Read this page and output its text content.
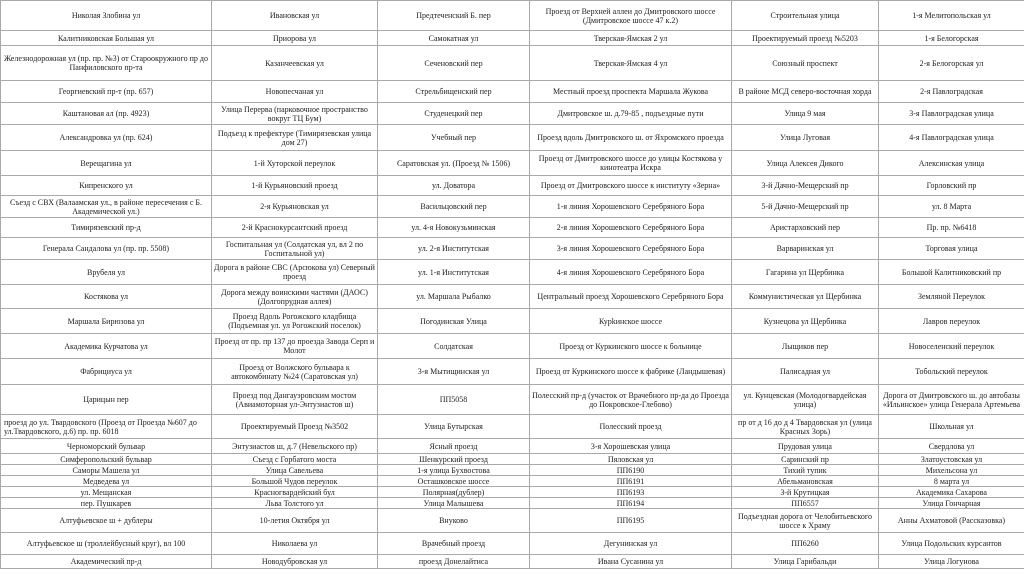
Николая Злобина ул	Ивановская ул	Предтеченский Б. пер	Проезд от Верхней аллеи до Дмитровского шоссе (Дмитровское шоссе 47 к.2)	Строительная улица	1-я Мелитопольская ул
Калитниковская Большая ул	Приорова ул	Самокатная ул	Тверская-Ямская 2 ул	Проектируемый проезд №5203	1-я Белогорская
Железнодорожная ул (пр. пр. №3) от Староокружного пр до Панфиловского пр-та	Казанчеевская ул	Сеченовский пер	Тверская-Ямская 4 ул	Союзный проспект	2-я Белогорская ул
Георгиевский пр-т (пр. 657)	Новопесчаная ул	Стрельбищенский пер	Местный проезд проспекта Маршала Жукова	В районе МСД северо-восточная хорда	2-я Павлоградская
Каштановая ал (пр. 4923)	Улица Перерва (парковочное пространство вокруг ТЦ Бум)	Студенецкий пер	Дмитровское ш. д.79-85 , подъездные пути	Улица 9 мая	3-я Павлоградская улица
Александровка ул (пр. 624)	Подъезд к префектуре (Тимирязевская улица дом 27)	Учебный пер	Проезд вдоль Дмитровского ш. от Яхромского проезда	Улица Луговая	4-я Павлоградская улица
Верещагина ул	1-й Хуторской переулок	Саратовская ул. (Проезд № 1506)	Проезд от Дмитровского шоссе до улицы Костякова у кинотеатра Искра	Улица Алексея Дикого	Алексинская улица
Кипренского ул	1-й Курьяновский проезд	ул. Доватора	Проезд от Дмитровского шоссе к институту «Зерна»	3-й Дачно-Мещерский пр	Горловский пр
Съезд с СВХ (Валаамская ул., в районе пересечения с Б. Академической ул.)	2-я Курьяновская ул	Васильцовский пер	1-я линия Хорошевского Серебряного Бора	5-й Дачно-Мещерский пр	ул. 8 Марта
Тимирязевский пр-д	2-й Краснокурсантский проезд	ул. 4-я Новокузьминская	2-я линия Хорошевского Серебряного Бора	Аристарховский пер	Пр. пр. №6418
Генерала Сандалова ул (пр. пр. 5508)	Госпитальная ул (Солдатская ул, вл 2 по Госпитальной ул)	ул. 2-я Институтская	3-я линия Хорошевского Серебряного Бора	Варваринская ул	Торговая улица
Врубеля ул	Дорога в районе СВС (Арсюкова ул) Северный проезд	ул. 1-я Институтская	4-я линия Хорошевского Серебряного Бора	Гагарина ул Щербинка	Большой Калитниковский пр
Костякова ул	Дорога между воинскими частями (ДАОС) (Долгопрудная аллея)	ул. Маршала Рыбалко	Центральный проезд Хорошевского Серебряного Бора	Коммунистическая ул Щербинка	Земляной Переулок
Маршала Бирюзова ул	Проезд Вдоль Рогожского кладбища (Подъемная ул. ул Рогожский поселок)	Погодинская Улица	Курkинское шоссе	Кузнецова ул Щербинка	Лавров переулок
Академика Курчатова ул	Проезд от пр. пр 137 до проезда Завода Серп и Молот	Солдатская	Проезд от Куркинского шоссе к больнице	Лыщиков пер	Новоселенский переулок
Фабрициуса ул	Проезд от Волжского бульвара к автокомбинату №24 (Саратовская ул)	3-я Мытищинская ул	Проезд от Куркинского шоссе к фабрике (Ландышевая)	Палисадная ул	Тобольский переулок
Царицын пер	Проезд под Дангауэровским мостом (Авиамоторная ул-Энтузиастов ш)	ПП5058	Полесский пр-д (участок от Врачебного пр-да до Проезда до Покровское-Глебово)	ул. Кунцевская (Молодогвардейская улица)	Дорога от Дмитровского ш. до автобазы «Ильинское» улица Генерала Артемьева
проезд до ул. Твардовского (Проезд от Проезда №607 до ул.Твардовского, д.6) пр. пр. 6018	Проектируемый Проезд №3502	Улица Бутырская	Полесский проезд	пр от д 16 до д 4 Твардовская ул (улица Красных Зорь)	Школьная ул
Черноморский бульвар	Энтузиастов ш, д.7 (Невельского пр)	Ясный проезд	3-я Хорошевская улица	Прудовая улица	Свердлова ул
Симферопольский бульвар	Съезд с Горбатого моста	Шенкурский проезд	Пяловская ул	Саринский пр	Златоустовская ул
Саморы Машела ул	Улица Савельева	1-я улица Бухвостова	ПП6190	Тихий тупик	Михельсона ул
Медведева ул	Большой Чудов переулок	Осташковское шоссе	ПП6191	Абельмановская	8 марта ул
ул. Мещанская	Красногвардейский бул	Полярная(дублер)	ПП6193	3-й Крутицкая	Академика Сахарова
пер. Пушкарев	Льва Толстого ул	Улица Малышева	ПП6194	ПП6557	Улица Гончарная
Алтуфьевское ш + дублеры	10-летия Октября ул	Внуково	ПП6195	Подъездная дорога от Челобитьевского шоссе к Храму	Анны Ахматовой (Рассказовка)
Алтуфьевское ш (троллейбусный круг), вл 100	Николаева ул	Врачебный проезд	Дегунинская ул	ПП6260	Улица Подольских курсантов
Академический пр-д	Новодубровская ул	проезд Донелайтиса	Ивана Сусанина ул	Улица Гарибальди	Улица Логунова
